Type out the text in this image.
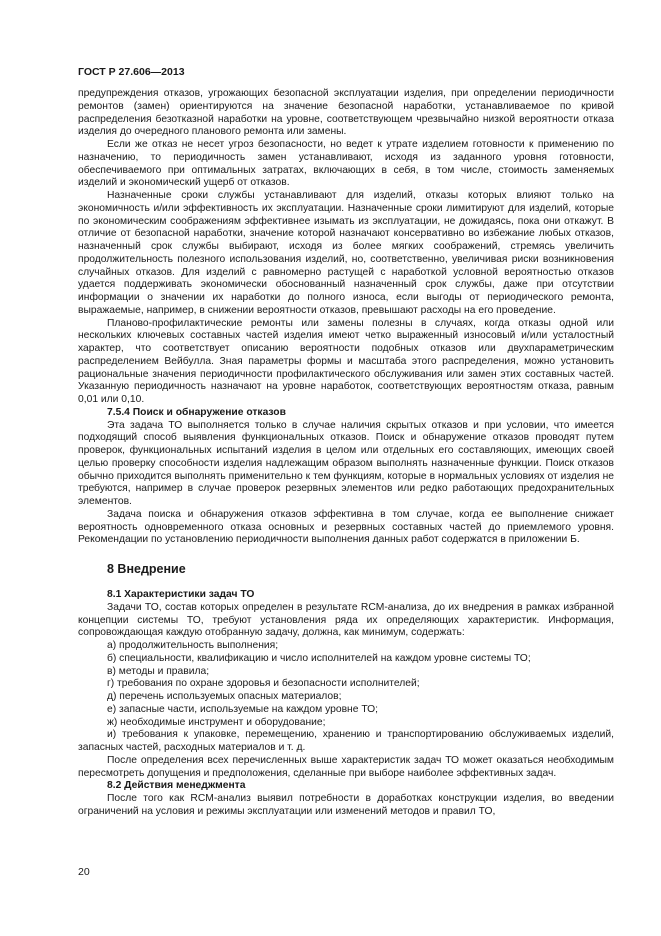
ГОСТ Р 27.606—2013

предупреждения отказов, угрожающих безопасной эксплуатации изделия, при определении периодичности ремонтов (замен) ориентируются на значение безопасной наработки, устанавливаемое по кривой распределения безотказной наработки на уровне, соответствующем чрезвычайно низкой вероятности отказа изделия до очередного планового ремонта или замены.

Если же отказ не несет угроз безопасности, но ведет к утрате изделием готовности к применению по назначению, то периодичность замен устанавливают, исходя из заданного уровня готовности, обеспечиваемого при оптимальных затратах, включающих в себя, в том числе, стоимость заменяемых изделий и экономический ущерб от отказов.

Назначенные сроки службы устанавливают для изделий, отказы которых влияют только на экономичность и/или эффективность их эксплуатации. Назначенные сроки лимитируют для изделий, которые по экономическим соображениям эффективнее изымать из эксплуатации, не дожидаясь, пока они откажут. В отличие от безопасной наработки, значение которой назначают консервативно во избежание любых отказов, назначенный срок службы выбирают, исходя из более мягких соображений, стремясь увеличить продолжительность полезного использования изделий, но, соответственно, увеличивая риски возникновения случайных отказов. Для изделий с равномерно растущей с наработкой условной вероятностью отказов удается поддерживать экономически обоснованный назначенный срок службы, даже при отсутствии информации о значении их наработки до полного износа, если выгоды от периодического ремонта, выражаемые, например, в снижении вероятности отказов, превышают расходы на его проведение.

Планово-профилактические ремонты или замены полезны в случаях, когда отказы одной или нескольких ключевых составных частей изделия имеют четко выраженный износовый и/или усталостный характер, что соответствует описанию вероятности подобных отказов или двухпараметрическим распределением Вейбулла. Зная параметры формы и масштаба этого распределения, можно установить рациональные значения периодичности профилактического обслуживания или замен этих составных частей. Указанную периодичность назначают на уровне наработок, соответствующих вероятностям отказа, равным 0,01 или 0,10.

7.5.4 Поиск и обнаружение отказов

Эта задача ТО выполняется только в случае наличия скрытых отказов и при условии, что имеется подходящий способ выявления функциональных отказов. Поиск и обнаружение отказов проводят путем проверок, функциональных испытаний изделия в целом или отдельных его составляющих, имеющих своей целью проверку способности изделия надлежащим образом выполнять назначенные функции. Поиск отказов обычно приходится выполнять применительно к тем функциям, которые в нормальных условиях от изделия не требуются, например в случае проверок резервных элементов или редко работающих предохранительных элементов.

Задача поиска и обнаружения отказов эффективна в том случае, когда ее выполнение снижает вероятность одновременного отказа основных и резервных составных частей до приемлемого уровня. Рекомендации по установлению периодичности выполнения данных работ содержатся в приложении Б.

8 Внедрение
8.1 Характеристики задач ТО

Задачи ТО, состав которых определен в результате RCM-анализа, до их внедрения в рамках избранной концепции системы ТО, требуют установления ряда их определяющих характеристик. Информация, сопровождающая каждую отобранную задачу, должна, как минимум, содержать:

а) продолжительность выполнения;
б) специальности, квалификацию и число исполнителей на каждом уровне системы ТО;
в) методы и правила;
г) требования по охране здоровья и безопасности исполнителей;
д) перечень используемых опасных материалов;
е) запасные части, используемые на каждом уровне ТО;
ж) необходимые инструмент и оборудование;

и) требования к упаковке, перемещению, хранению и транспортированию обслуживаемых изделий, запасных частей, расходных материалов и т. д.

После определения всех перечисленных выше характеристик задач ТО может оказаться необходимым пересмотреть допущения и предположения, сделанные при выборе наиболее эффективных задач.

8.2 Действия менеджмента

После того как RCM-анализ выявил потребности в доработках конструкции изделия, во введении ограничений на условия и режимы эксплуатации или изменений методов и правил ТО,

20
